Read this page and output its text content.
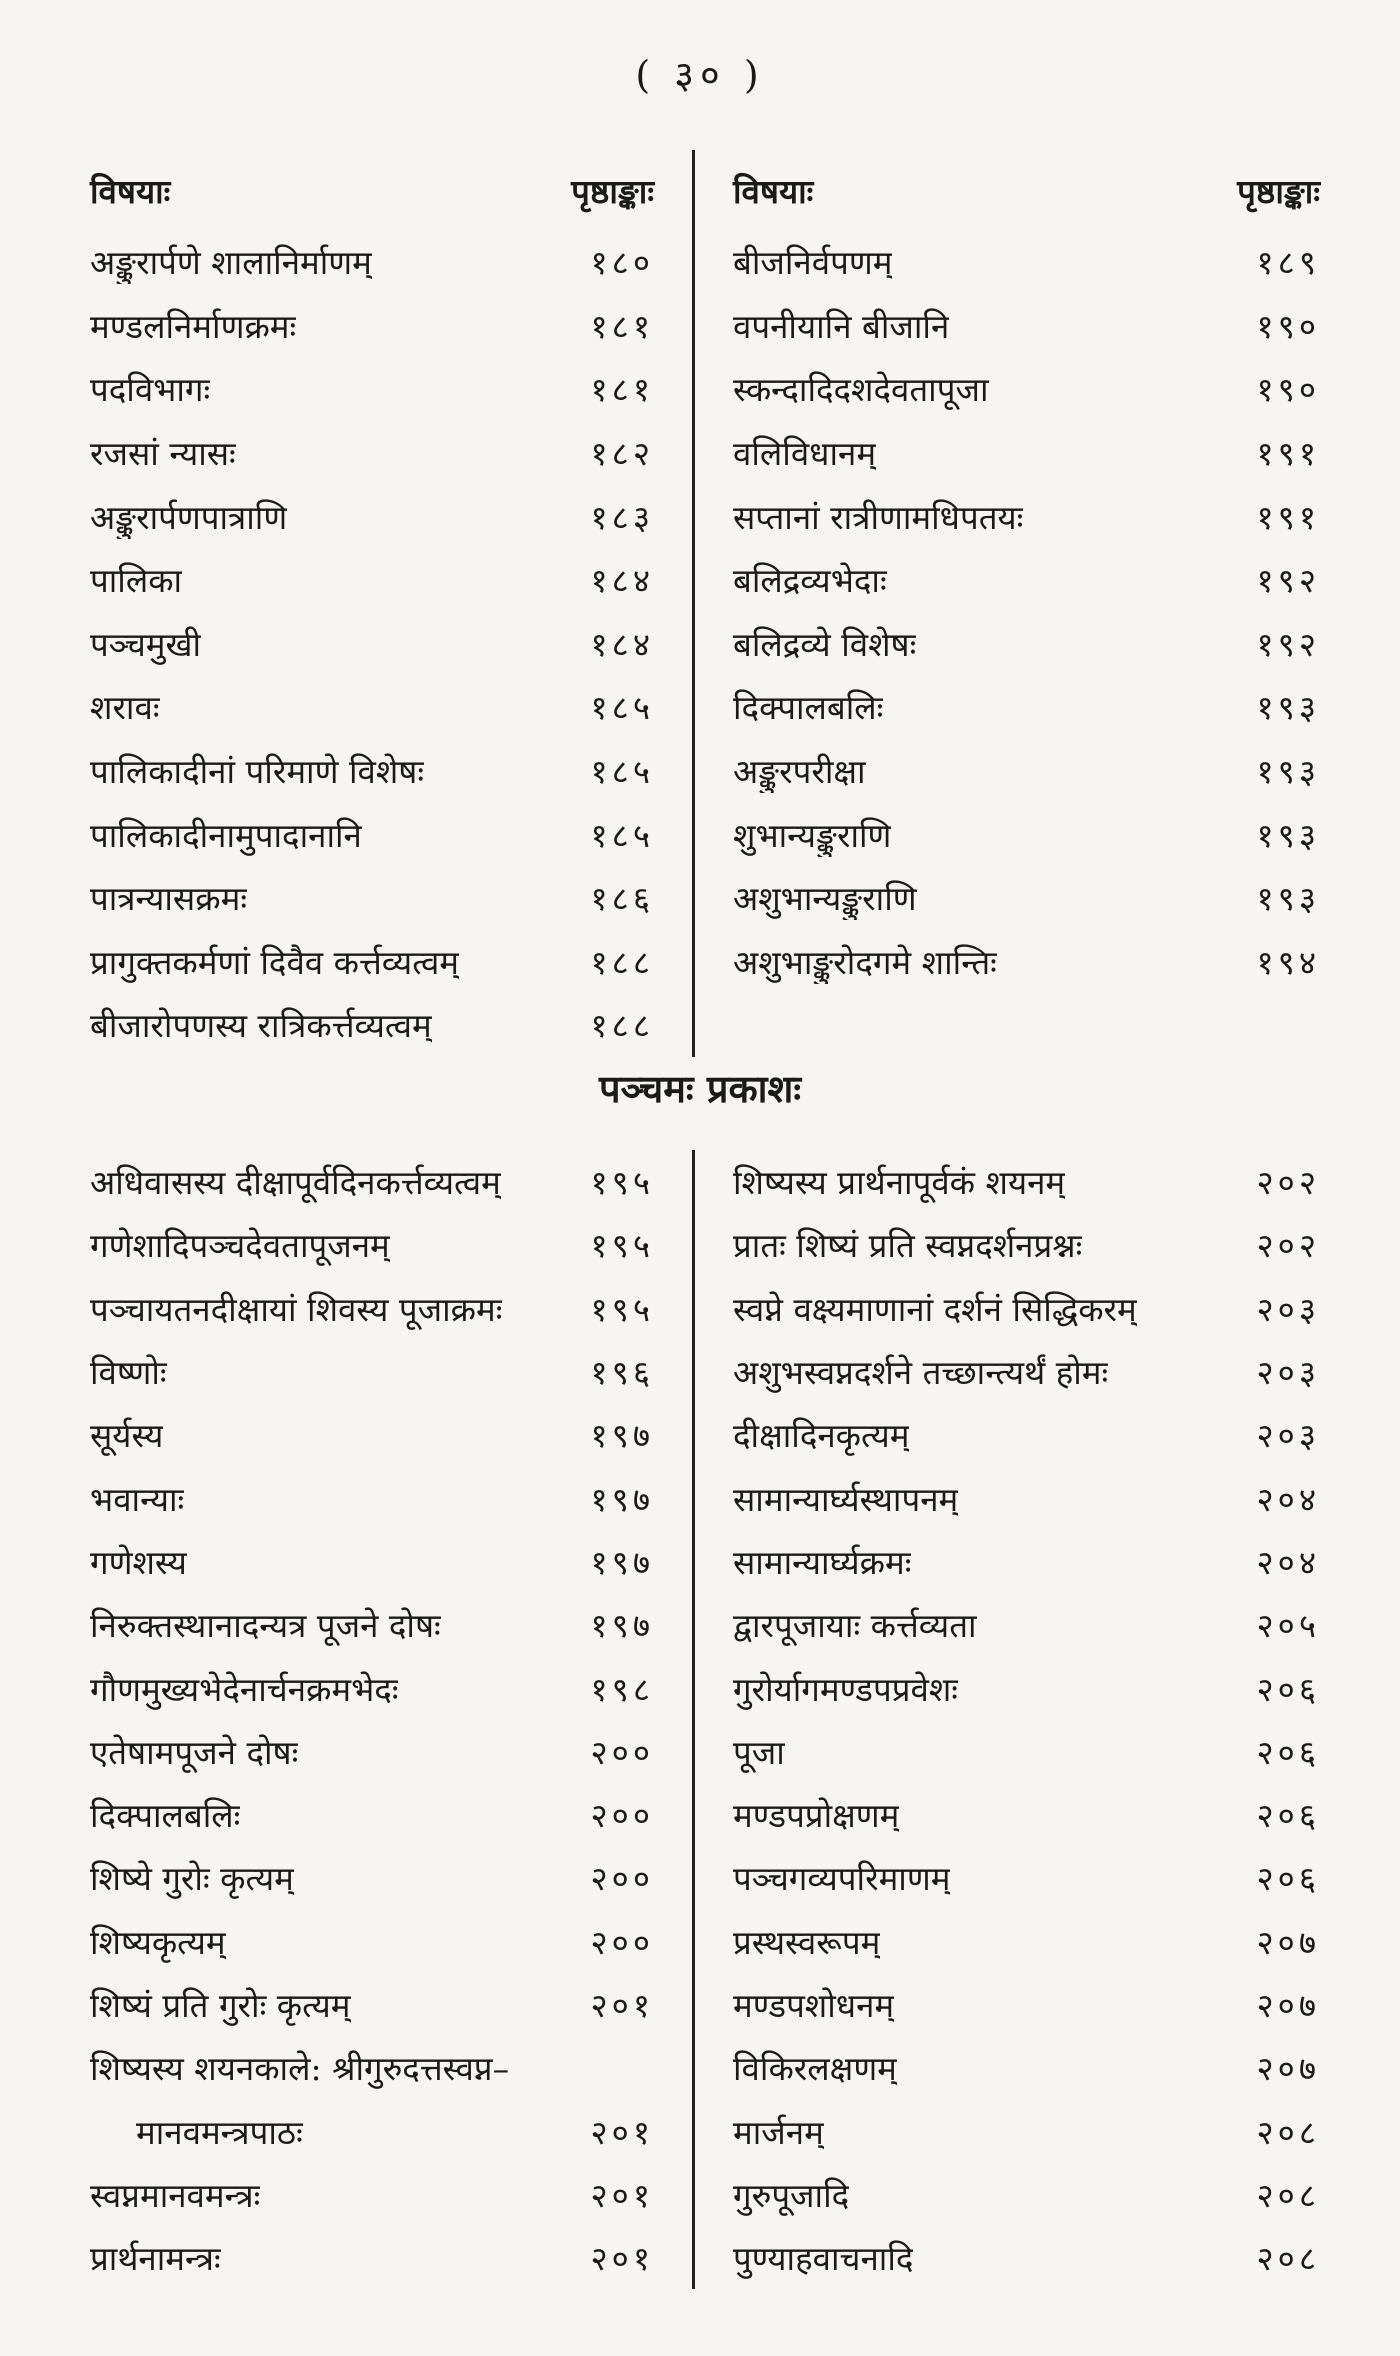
( ३० )
विषयाः	पृष्ठाङ्काः
अङ्कुरार्पणे शालानिर्माणम्	१८०
मण्डलनिर्माणक्रमः	१८१
पदविभागः	१८१
रजसां न्यासः	१८२
अङ्कुरार्पणपात्राणि	१८३
पालिका	१८४
पञ्चमुखी	१८४
शरावः	१८५
पालिकादीनां परिमाणे विशेषः	१८५
पालिकादीनामुपादानानि	१८५
पात्रन्यासक्रमः	१८६
प्रागुक्तकर्मणां दिवैव कर्त्तव्यत्वम्	१८८
बीजारोपणस्य रात्रिकर्त्तव्यत्वम्	१८८
विषयाः	पृष्ठाङ्काः
बीजनिर्वपणम्	१८९
वपनीयानि बीजानि	१९०
स्कन्दादिदशदेवतापूजा	१९०
वलिविधानम्	१९१
सप्तानां रात्रीणामधिपतयः	१९१
बलिद्रव्यभेदाः	१९२
बलिद्रव्ये विशेषः	१९२
दिक्पालबलिः	१९३
अङ्कुरपरीक्षा	१९३
शुभान्यङ्कुराणि	१९३
अशुभान्यङ्कुराणि	१९३
अशुभाङ्कुरोदगमे शान्तिः	१९४
पञ्चमः प्रकाशः
अधिवासस्य दीक्षापूर्वदिनकर्त्तव्यत्वम्	१९५
गणेशादिपञ्चदेवतापूजनम्	१९५
पञ्चायतनदीक्षायां शिवस्य पूजाक्रमः	१९५
विष्णोः	१९६
सूर्यस्य	१९७
भवान्याः	१९७
गणेशस्य	१९७
निरुक्तस्थानादन्यत्र पूजने दोषः	१९७
गौणमुख्यभेदेनार्चनक्रमभेदः	१९८
एतेषामपूजने दोषः	२००
दिक्पालबलिः	२००
शिष्ये गुरोः कृत्यम्	२००
शिष्यकृत्यम्	२००
शिष्यं प्रति गुरोः कृत्यम्	२०१
शिष्यस्य शयनकाले: श्रीगुरुदत्तस्वप्न–
मानवमन्त्रपाठः	२०१
स्वप्नमानवमन्त्रः	२०१
प्रार्थनामन्त्रः	२०१
शिष्यस्य प्रार्थनापूर्वकं शयनम्	२०२
प्रातः शिष्यं प्रति स्वप्नदर्शनप्रश्नः	२०२
स्वप्ने वक्ष्यमाणानां दर्शनं सिद्धिकरम्	२०३
अशुभस्वप्नदर्शने तच्छान्त्यर्थं होमः	२०३
दीक्षादिनकृत्यम्	२०३
सामान्यार्घ्यस्थापनम्	२०४
सामान्यार्घ्यक्रमः	२०४
द्वारपूजायाः कर्त्तव्यता	२०५
गुरोर्यागमण्डपप्रवेशः	२०६
पूजा	२०६
मण्डपप्रोक्षणम्	२०६
पञ्चगव्यपरिमाणम्	२०६
प्रस्थस्वरूपम्	२०७
मण्डपशोधनम्	२०७
विकिरलक्षणम्	२०७
मार्जनम्	२०८
गुरुपूजादि	२०८
पुण्याहवाचनादि	२०८
